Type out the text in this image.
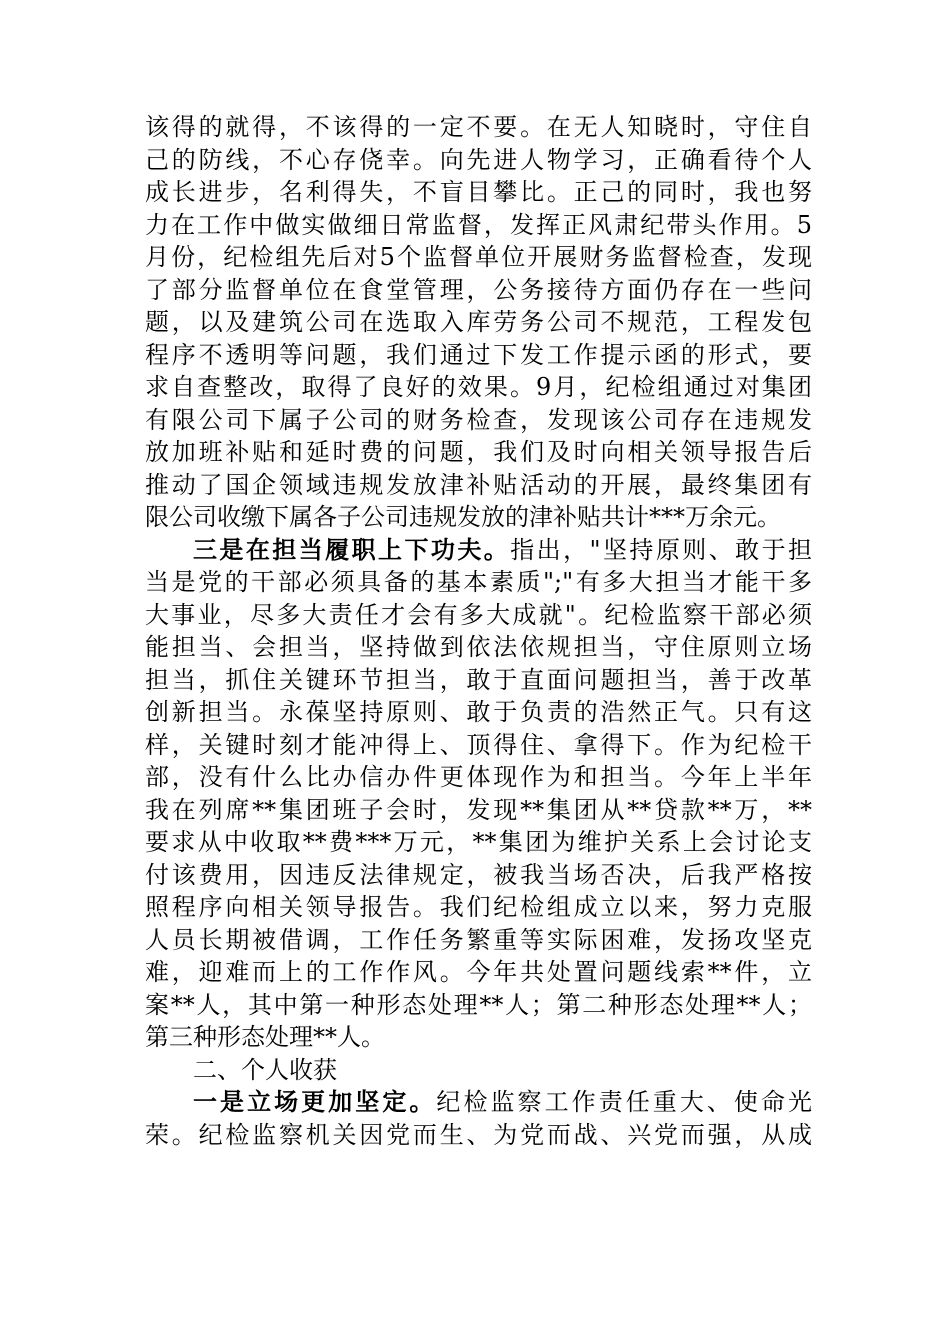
该得的就得，不该得的一定不要。在无人知晓时，守住自
己的防线，不心存侥幸。向先进人物学习，正确看待个人
成长进步，名利得失，不盲目攀比。正己的同时，我也努
力在工作中做实做细日常监督，发挥正风肃纪带头作用。5
月份，纪检组先后对5个监督单位开展财务监督检查，发现
了部分监督单位在食堂管理，公务接待方面仍存在一些问
题，以及建筑公司在选取入库劳务公司不规范，工程发包
程序不透明等问题，我们通过下发工作提示函的形式，要
求自查整改，取得了良好的效果。9月，纪检组通过对集团
有限公司下属子公司的财务检查，发现该公司存在违规发
放加班补贴和延时费的问题，我们及时向相关领导报告后
推动了国企领域违规发放津补贴活动的开展，最终集团有
限公司收缴下属各子公司违规发放的津补贴共计***万余元。
三是在担当履职上下功夫。指出，"坚持原则、敢于担
当是党的干部必须具备的基本素质";"有多大担当才能干多
大事业，尽多大责任才会有多大成就"。纪检监察干部必须
能担当、会担当，坚持做到依法依规担当，守住原则立场
担当，抓住关键环节担当，敢于直面问题担当，善于改革
创新担当。永葆坚持原则、敢于负责的浩然正气。只有这
样，关键时刻才能冲得上、顶得住、拿得下。作为纪检干
部，没有什么比办信办件更体现作为和担当。今年上半年
我在列席**集团班子会时，发现**集团从**贷款**万，**
要求从中收取**费***万元，**集团为维护关系上会讨论支
付该费用，因违反法律规定，被我当场否决，后我严格按
照程序向相关领导报告。我们纪检组成立以来，努力克服
人员长期被借调，工作任务繁重等实际困难，发扬攻坚克
难，迎难而上的工作作风。今年共处置问题线索**件，立
案**人，其中第一种形态处理**人；第二种形态处理**人；
第三种形态处理**人。
二、个人收获
一是立场更加坚定。纪检监察工作责任重大、使命光
荣。纪检监察机关因党而生、为党而战、兴党而强，从成
